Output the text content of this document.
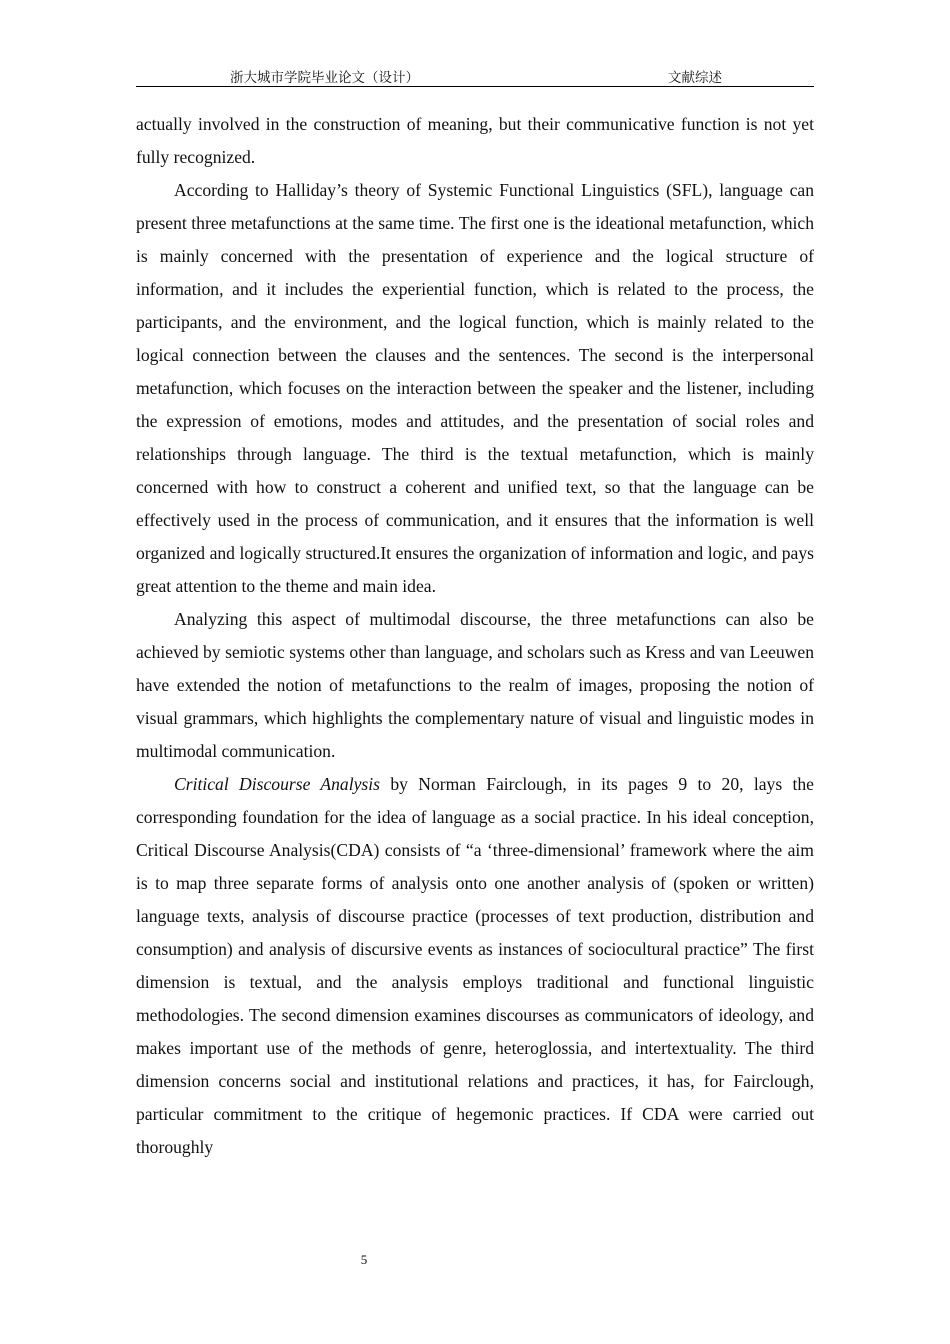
浙大城市学院毕业论文（设计）	文献综述

actually involved in the construction of meaning, but their communicative function is not yet fully recognized.

According to Halliday’s theory of Systemic Functional Linguistics (SFL), language can present three metafunctions at the same time. The first one is the ideational metafunction, which is mainly concerned with the presentation of experience and the logical structure of information, and it includes the experiential function, which is related to the process, the participants, and the environment, and the logical function, which is mainly related to the logical connection between the clauses and the sentences. The second is the interpersonal metafunction, which focuses on the interaction between the speaker and the listener, including the expression of emotions, modes and attitudes, and the presentation of social roles and relationships through language. The third is the textual metafunction, which is mainly concerned with how to construct a coherent and unified text, so that the language can be effectively used in the process of communication, and it ensures that the information is well organized and logically structured.It ensures the organization of information and logic, and pays great attention to the theme and main idea.

Analyzing this aspect of multimodal discourse, the three metafunctions can also be achieved by semiotic systems other than language, and scholars such as Kress and van Leeuwen have extended the notion of metafunctions to the realm of images, proposing the notion of visual grammars, which highlights the complementary nature of visual and linguistic modes in multimodal communication.

Critical Discourse Analysis by Norman Fairclough, in its pages 9 to 20, lays the corresponding foundation for the idea of language as a social practice. In his ideal conception, Critical Discourse Analysis(CDA) consists of “a ‘three-dimensional’ framework where the aim is to map three separate forms of analysis onto one another analysis of (spoken or written) language texts, analysis of discourse practice (processes of text production, distribution and consumption) and analysis of discursive events as instances of sociocultural practice” The first dimension is textual, and the analysis employs traditional and functional linguistic methodologies. The second dimension examines discourses as communicators of ideology, and makes important use of the methods of genre, heteroglossia, and intertextuality. The third dimension concerns social and institutional relations and practices, it has, for Fairclough, particular commitment to the critique of hegemonic practices. If CDA were carried out thoroughly

5
